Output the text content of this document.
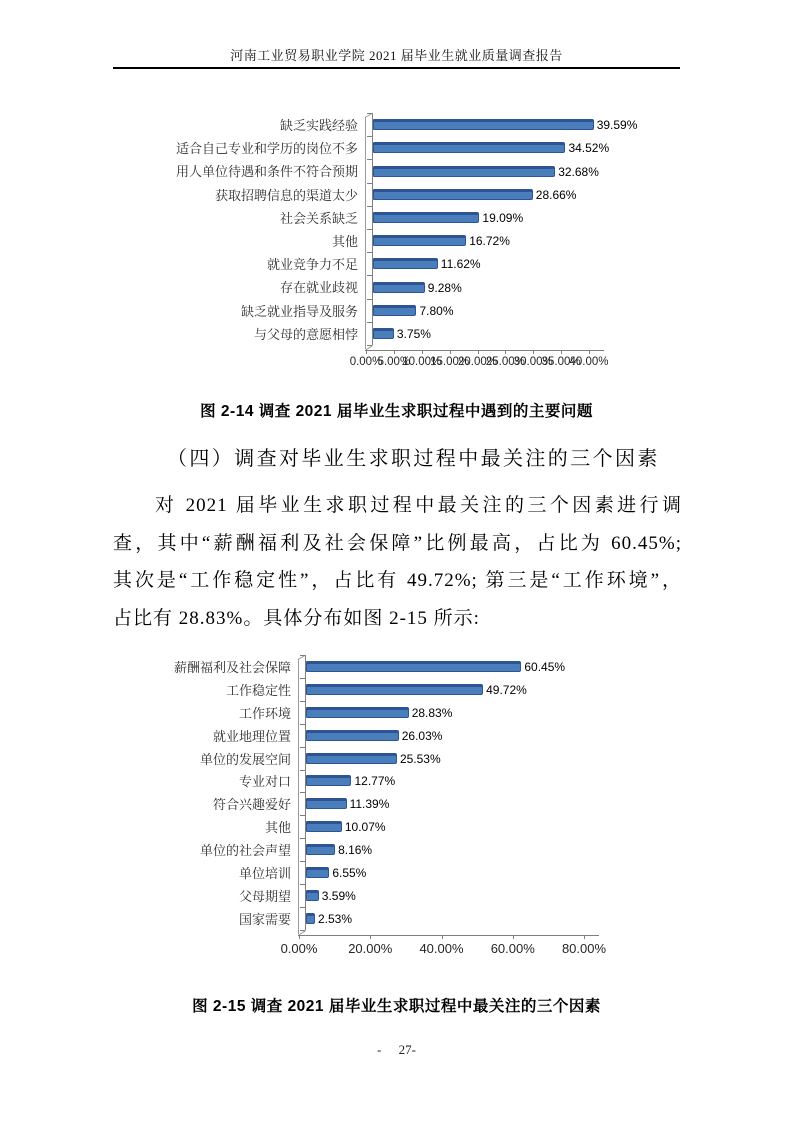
河南工业贸易职业学院 2021 届毕业生就业质量调查报告
缺乏实践经验
适合自己专业和学历的岗位不多
用人单位待遇和条件不符合预期
获取招聘信息的渠道太少
社会关系缺乏
其他
就业竞争力不足
存在就业歧视
缺乏就业指导及服务
与父母的意愿相悖
39.59%
34.52%
32.68%
28.66%
19.09%
16.72%
11.62%
9.28%
7.80%
3.75%
0.00%
5.00%
10.00%
15.00%
20.00%
25.00%
30.00%
35.00%
40.00%
图 2-14 调查 2021 届毕业生求职过程中遇到的主要问题
（四）调查对毕业生求职过程中最关注的三个因素
对 2021 届毕业生求职过程中最关注的三个因素进行调
查，其中“薪酬福利及社会保障”比例最高，占比为 60.45%;
其次是“工作稳定性”，占比有 49.72%; 第三是“工作环境”，
占比有 28.83%。具体分布如图 2-15 所示:
薪酬福利及社会保障
工作稳定性
工作环境
就业地理位置
单位的发展空间
专业对口
符合兴趣爱好
其他
单位的社会声望
单位培训
父母期望
国家需要
60.45%
49.72%
28.83%
26.03%
25.53%
12.77%
11.39%
10.07%
8.16%
6.55%
3.59%
2.53%
0.00%	20.00%	40.00%	60.00%	80.00%
图 2-15 调查 2021 届毕业生求职过程中最关注的三个因素
- 27-
